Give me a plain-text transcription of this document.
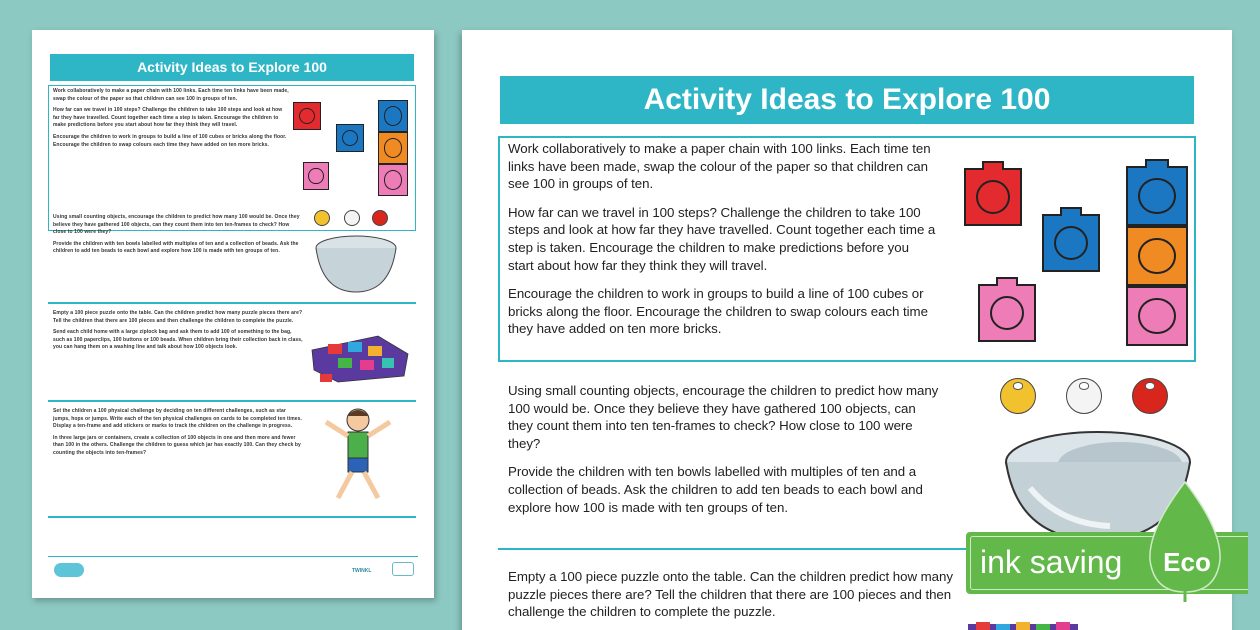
Activity Ideas to Explore 100

Work collaboratively to make a paper chain with 100 links. Each time ten links have been made, swap the colour of the paper so that children can see 100 in groups of ten.

How far can we travel in 100 steps? Challenge the children to take 100 steps and look at how far they have travelled. Count together each time a step is taken. Encourage the children to make predictions before you start about how far they think they will travel.

Encourage the children to work in groups to build a line of 100 cubes or bricks along the floor. Encourage the children to swap colours each time they have added on ten more bricks.

Using small counting objects, encourage the children to predict how many 100 would be. Once they believe they have gathered 100 objects, can they count them into ten ten-frames to check? How close to 100 were they?

Provide the children with ten bowls labelled with multiples of ten and a collection of beads. Ask the children to add ten beads to each bowl and explore how 100 is made with ten groups of ten.

Empty a 100 piece puzzle onto the table. Can the children predict how many puzzle pieces there are? Tell the children that there are 100 pieces and then challenge the children to complete the puzzle.

Send each child home with a large ziplock bag and ask them to add 100 of something to the bag, such as 100 paperclips, 100 buttons or 100 beads. When children bring their collection back in class, you can hang them on a washing line and talk about how 100 objects look.

Set the children a 100 physical challenge by deciding on ten different challenges, such as star jumps, hops or jumps. Write each of the ten physical challenges on cards to be completed ten times. Display a ten-frame and add stickers or marks to track the children on the challenge in progress.

In three large jars or containers, create a collection of 100 objects in one and then more and fewer than 100 in the others. Challenge the children to guess which jar has exactly 100. Can they check by counting the objects into ten-frames?

TWINKL
Activity Ideas to Explore 100

Work collaboratively to make a paper chain with 100 links. Each time ten links have been made, swap the colour of the paper so that children can see 100 in groups of ten.

How far can we travel in 100 steps? Challenge the children to take 100 steps and look at how far they have travelled. Count together each time a step is taken. Encourage the children to make predictions before you start about how far they think they will travel.

Encourage the children to work in groups to build a line of 100 cubes or bricks along the floor. Encourage the children to swap colours each time they have added on ten more bricks.

Using small counting objects, encourage the children to predict how many 100 would be. Once they believe they have gathered 100 objects, can they count them into ten ten-frames to check? How close to 100 were they?

Provide the children with ten bowls labelled with multiples of ten and a collection of beads. Ask the children to add ten beads to each bowl and explore how 100 is made with ten groups of ten.

Empty a 100 piece puzzle onto the table. Can the children predict how many puzzle pieces there are? Tell the children that there are 100 pieces and then challenge the children to complete the puzzle.

ink saving Eco
